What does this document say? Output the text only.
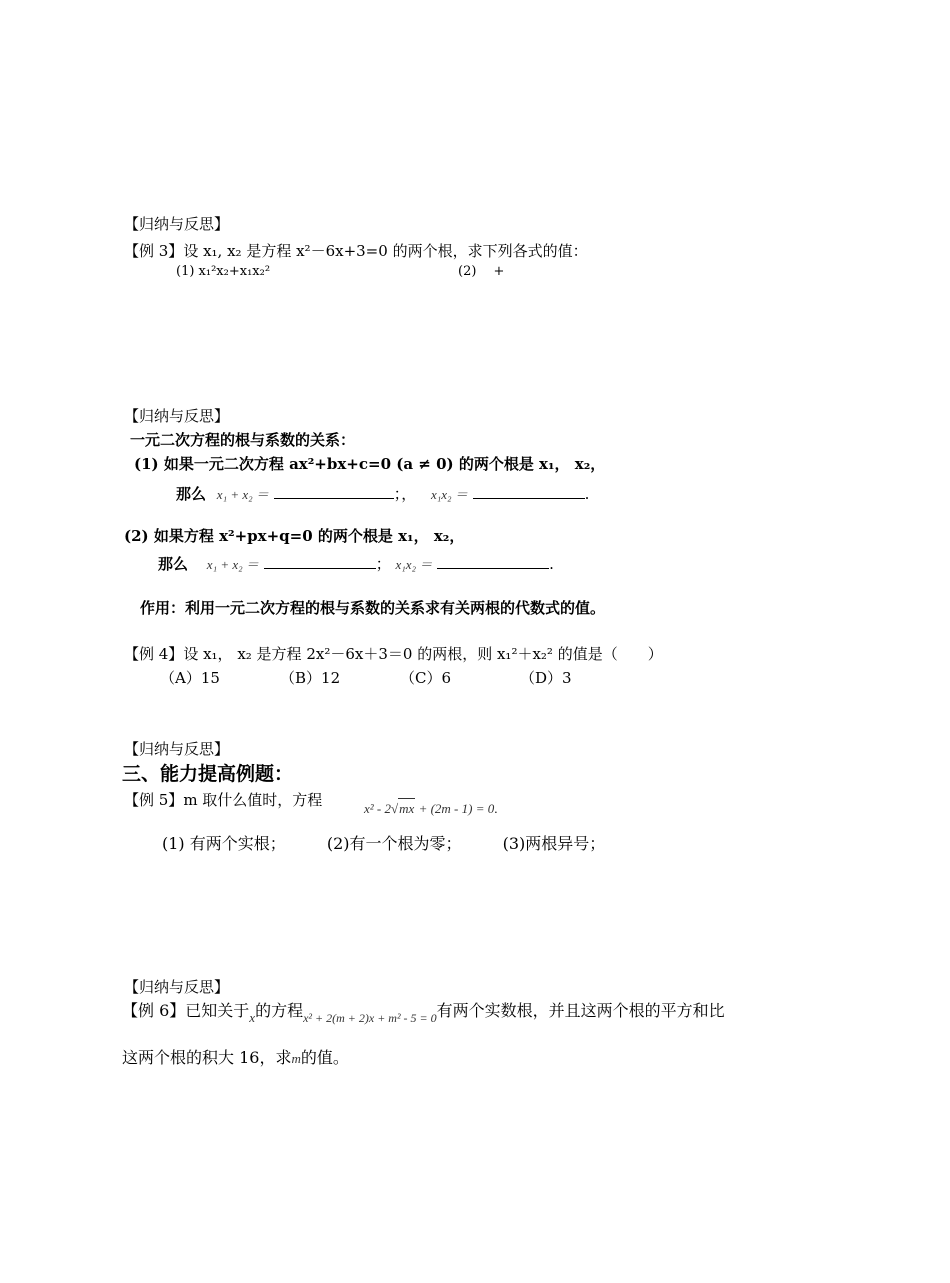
【归纳与反思】
【例 3】设 x₁, x₂ 是方程 x²－6x+3=0 的两个根，求下列各式的值：
(1) x₁²x₂+x₁x₂²	(2)　 +
【归纳与反思】
一元二次方程的根与系数的关系：
(1) 如果一元二次方程 ax²+bx+c=0 (a ≠ 0) 的两个根是 x₁， x₂，
那么 x₁ + x₂ ＝	；， x₁x₂ ＝	.
(2) 如果方程 x²+px+q=0 的两个根是 x₁， x₂，
那么 x₁ + x₂ ＝	； x₁x₂ ＝	.
作用：利用一元二次方程的根与系数的关系求有关两根的代数式的值。
【例 4】设 x₁， x₂ 是方程 2x²－6x＋3＝0 的两根，则 x₁²＋x₂² 的值是（　　）
（A）15	（B）12	（C）6	（D）3
【归纳与反思】
三、能力提高例题：
【例 5】m 取什么值时，方程	x² - 2√mx + (2m - 1) = 0.
(1) 有两个实根；	(2)有一个根为零；	(3)两根异号；
【归纳与反思】
【例 6】已知关于$_x$的方程$_{x^2 + 2(m + 2)x + m^2 - 5 = 0}$有两个实数根，并且这两个根的平方和比
这两个根的积大 16，求m的值。
